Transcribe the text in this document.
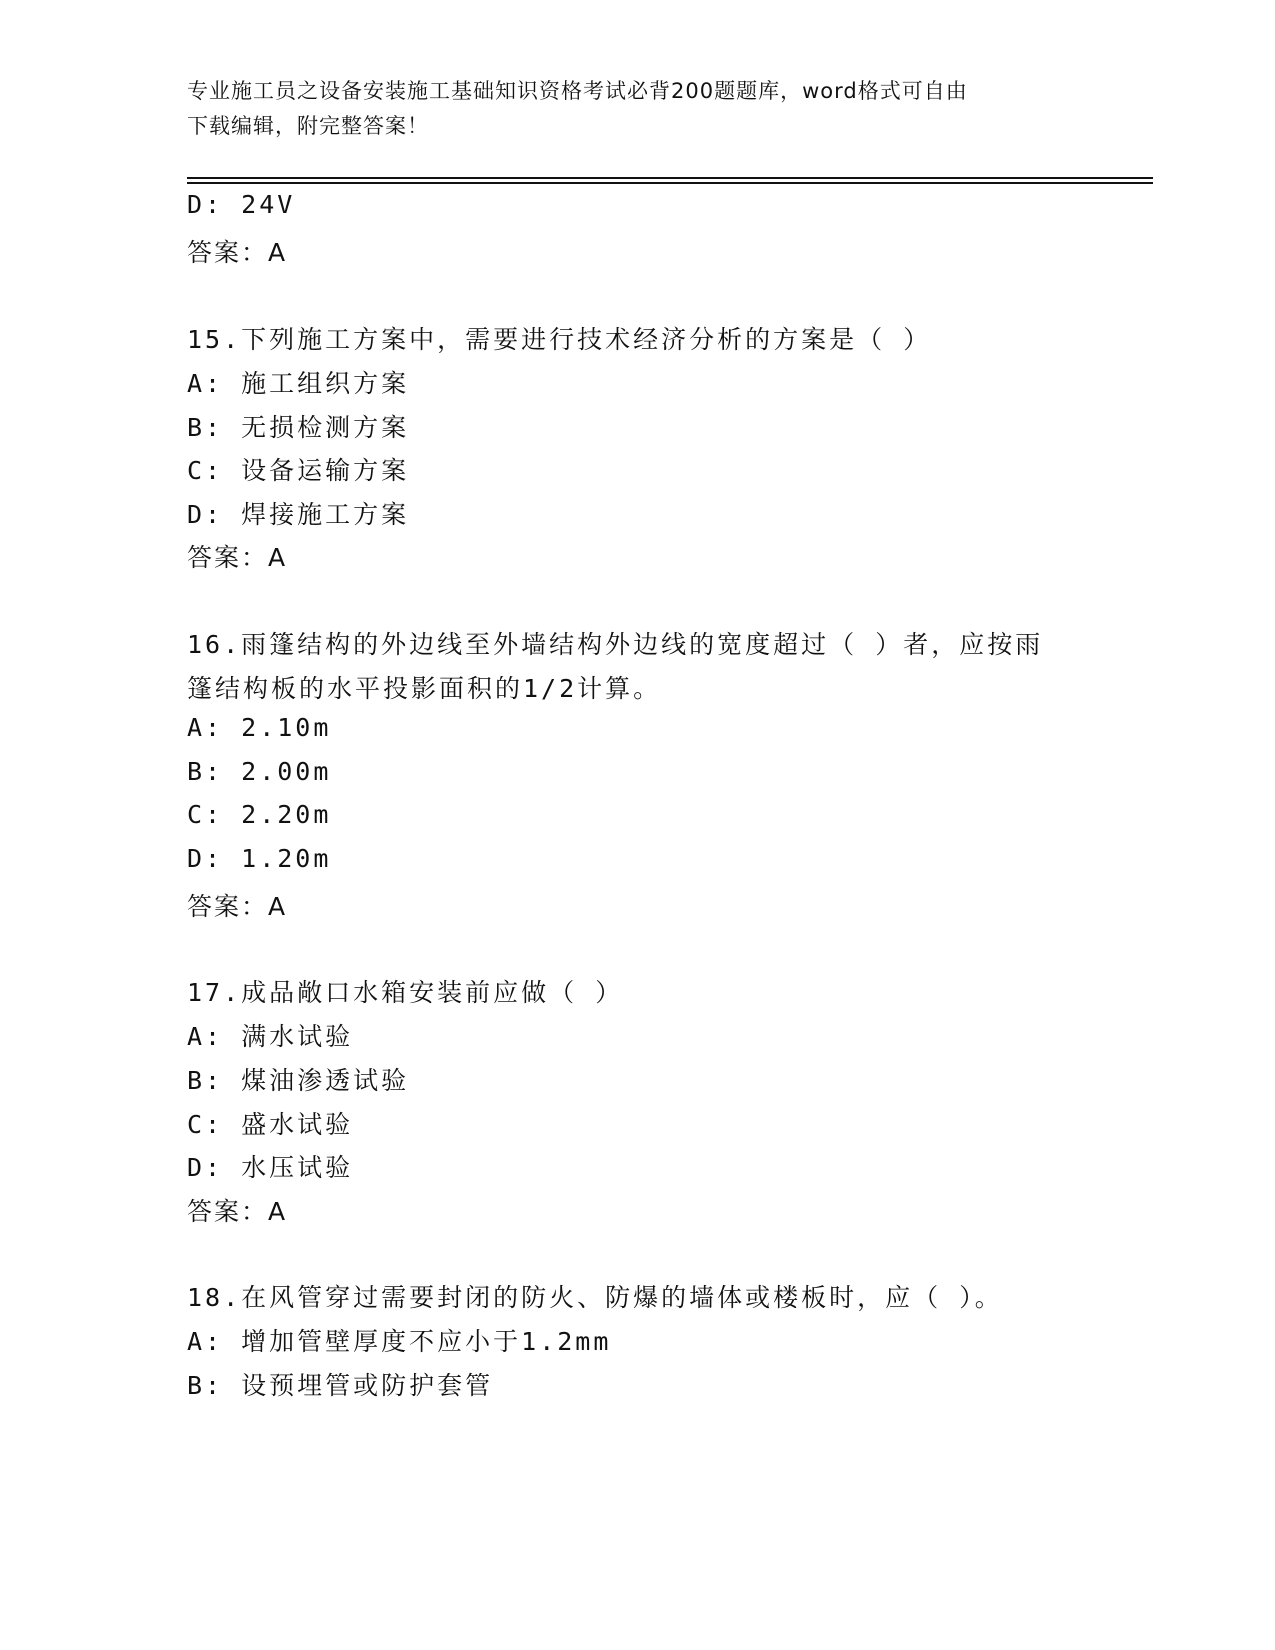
专业施工员之设备安装施工基础知识资格考试必背200题题库，word格式可自由
下载编辑，附完整答案！
D: 24V
答案：A
15.下列施工方案中，需要进行技术经济分析的方案是（ ）
A: 施工组织方案
B: 无损检测方案
C: 设备运输方案
D: 焊接施工方案
答案：A
16.雨篷结构的外边线至外墙结构外边线的宽度超过（ ）者，应按雨
篷结构板的水平投影面积的1/2计算。
A: 2.10m
B: 2.00m
C: 2.20m
D: 1.20m
答案：A
17.成品敞口水箱安装前应做（ ）
A: 满水试验
B: 煤油渗透试验
C: 盛水试验
D: 水压试验
答案：A
18.在风管穿过需要封闭的防火、防爆的墙体或楼板时，应（ ）。
A: 增加管壁厚度不应小于1.2mm
B: 设预埋管或防护套管
